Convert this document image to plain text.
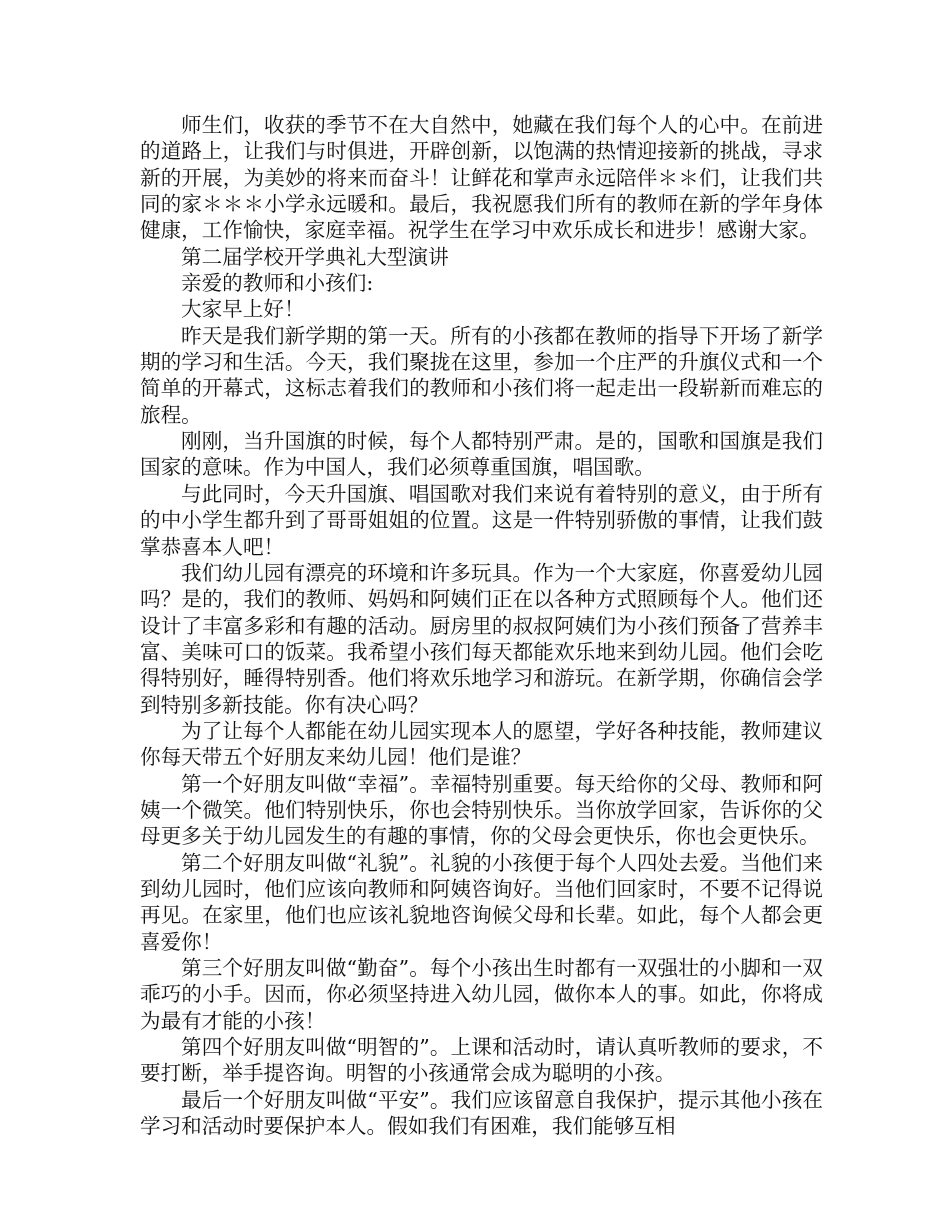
师生们，收获的季节不在大自然中，她藏在我们每个人的心中。在前进的道路上，让我们与时俱进，开辟创新，以饱满的热情迎接新的挑战，寻求新的开展，为美妙的将来而奋斗！让鲜花和掌声永远陪伴＊＊们，让我们共同的家＊＊＊小学永远暖和。最后，我祝愿我们所有的教师在新的学年身体健康，工作愉快，家庭幸福。祝学生在学习中欢乐成长和进步！感谢大家。

第二届学校开学典礼大型演讲

亲爱的教师和小孩们:

大家早上好！

昨天是我们新学期的第一天。所有的小孩都在教师的指导下开场了新学期的学习和生活。今天，我们聚拢在这里，参加一个庄严的升旗仪式和一个简单的开幕式，这标志着我们的教师和小孩们将一起走出一段崭新而难忘的旅程。

刚刚，当升国旗的时候，每个人都特别严肃。是的，国歌和国旗是我们国家的意味。作为中国人，我们必须尊重国旗，唱国歌。

与此同时，今天升国旗、唱国歌对我们来说有着特别的意义，由于所有的中小学生都升到了哥哥姐姐的位置。这是一件特别骄傲的事情，让我们鼓掌恭喜本人吧！

我们幼儿园有漂亮的环境和许多玩具。作为一个大家庭，你喜爱幼儿园吗？是的，我们的教师、妈妈和阿姨们正在以各种方式照顾每个人。他们还设计了丰富多彩和有趣的活动。厨房里的叔叔阿姨们为小孩们预备了营养丰富、美味可口的饭菜。我希望小孩们每天都能欢乐地来到幼儿园。他们会吃得特别好，睡得特别香。他们将欢乐地学习和游玩。在新学期，你确信会学到特别多新技能。你有决心吗？

为了让每个人都能在幼儿园实现本人的愿望，学好各种技能，教师建议你每天带五个好朋友来幼儿园！他们是谁？

第一个好朋友叫做“幸福”。幸福特别重要。每天给你的父母、教师和阿姨一个微笑。他们特别快乐，你也会特别快乐。当你放学回家，告诉你的父母更多关于幼儿园发生的有趣的事情，你的父母会更快乐，你也会更快乐。

第二个好朋友叫做“礼貌”。礼貌的小孩便于每个人四处去爱。当他们来到幼儿园时，他们应该向教师和阿姨咨询好。当他们回家时，不要不记得说再见。在家里，他们也应该礼貌地咨询候父母和长辈。如此，每个人都会更喜爱你！

第三个好朋友叫做“勤奋”。每个小孩出生时都有一双强壮的小脚和一双乖巧的小手。因而，你必须坚持进入幼儿园，做你本人的事。如此，你将成为最有才能的小孩！

第四个好朋友叫做“明智的”。上课和活动时，请认真听教师的要求，不要打断，举手提咨询。明智的小孩通常会成为聪明的小孩。

最后一个好朋友叫做“平安”。我们应该留意自我保护，提示其他小孩在学习和活动时要保护本人。假如我们有困难，我们能够互相
